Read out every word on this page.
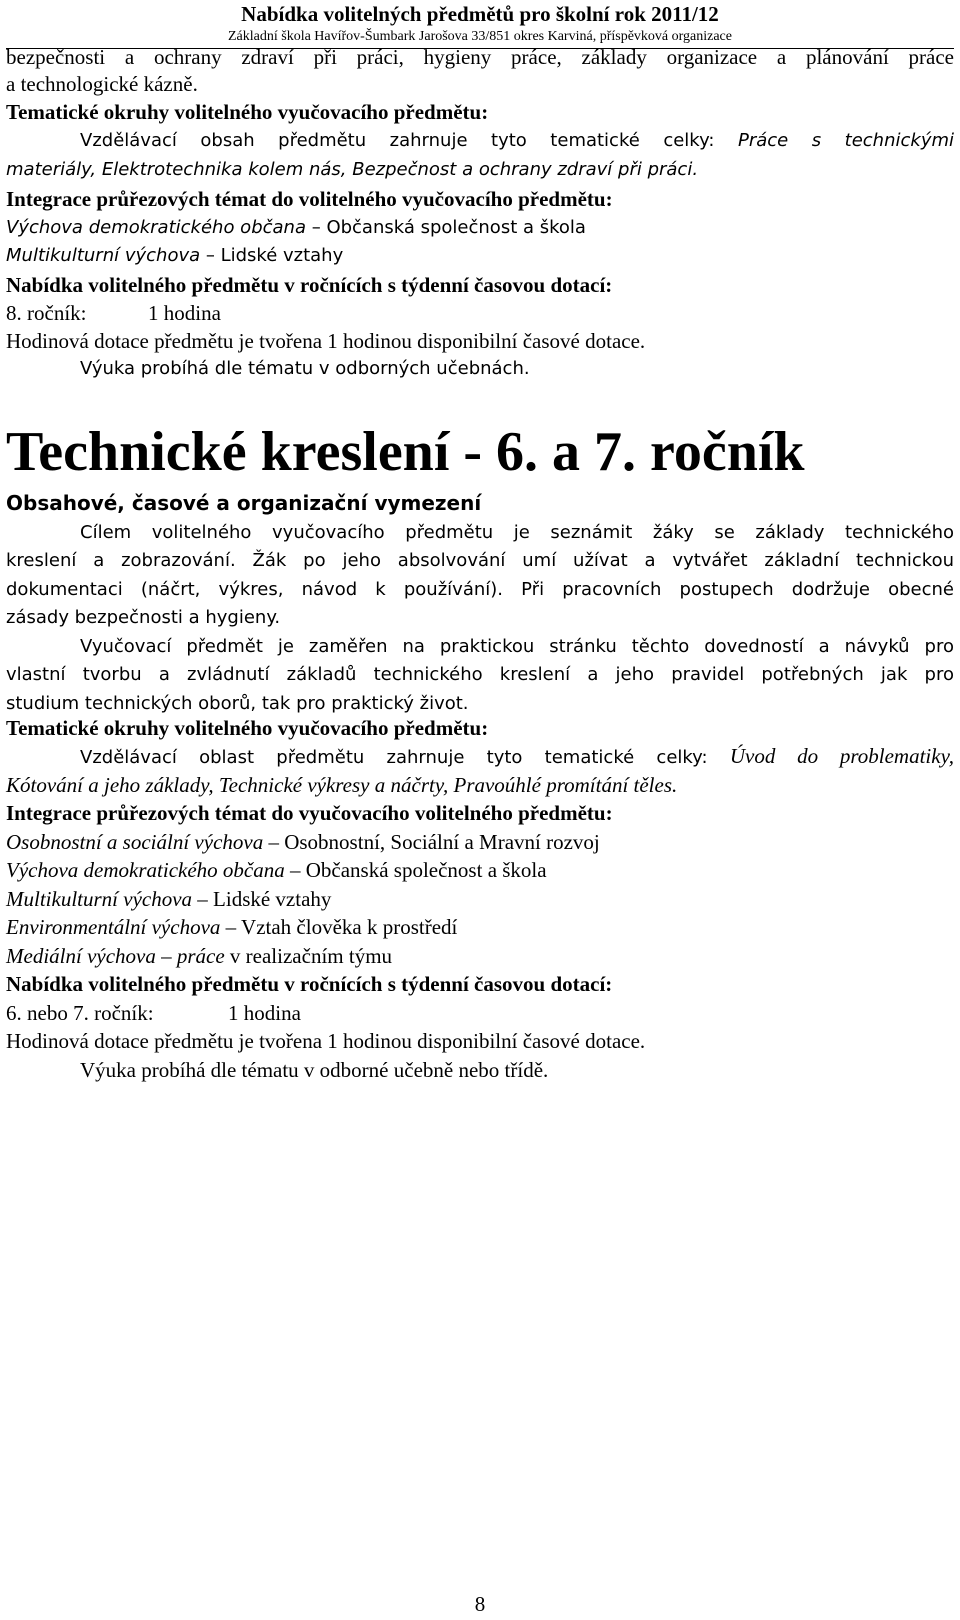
Nabídka volitelných předmětů pro školní rok 2011/12
Základní škola Havířov-Šumbark Jarošova 33/851 okres Karviná, příspěvková organizace
bezpečnosti a ochrany zdraví při práci, hygieny práce, základy organizace a plánování práce
a technologické kázně.
Tematické okruhy volitelného vyučovacího předmětu:
Vzdělávací obsah předmětu zahrnuje tyto tematické celky: Práce s technickými
materiály, Elektrotechnika kolem nás, Bezpečnost a ochrany zdraví při práci.
Integrace průřezových témat do volitelného vyučovacího předmětu:
Výchova demokratického občana – Občanská společnost a škola
Multikulturní výchova – Lidské vztahy
Nabídka volitelného předmětu v ročnících s týdenní časovou dotací:
8. ročník:	1 hodina
Hodinová dotace předmětu je tvořena 1 hodinou disponibilní časové dotace.
Výuka probíhá dle tématu v odborných učebnách.
Technické kreslení - 6. a 7. ročník
Obsahové, časové a organizační vymezení
Cílem volitelného vyučovacího předmětu je seznámit žáky se základy technického
kreslení a zobrazování. Žák po jeho absolvování umí užívat a vytvářet základní technickou
dokumentaci (náčrt, výkres, návod k používání). Při pracovních postupech dodržuje obecné
zásady bezpečnosti a hygieny.
Vyučovací předmět je zaměřen na praktickou stránku těchto dovedností a návyků pro
vlastní tvorbu a zvládnutí základů technického kreslení a jeho pravidel potřebných jak pro
studium technických oborů, tak pro praktický život.
Tematické okruhy volitelného vyučovacího předmětu:
Vzdělávací oblast předmětu zahrnuje tyto tematické celky: Úvod do problematiky,
Kótování a jeho základy, Technické výkresy a náčrty, Pravoúhlé promítání těles.
Integrace průřezových témat do vyučovacího volitelného předmětu:
Osobnostní a sociální výchova – Osobnostní, Sociální a Mravní rozvoj
Výchova demokratického občana – Občanská společnost a škola
Multikulturní výchova – Lidské vztahy
Environmentální výchova – Vztah člověka k prostředí
Mediální výchova – práce v realizačním týmu
Nabídka volitelného předmětu v ročnících s týdenní časovou dotací:
6. nebo 7. ročník:	1 hodina
Hodinová dotace předmětu je tvořena 1 hodinou disponibilní časové dotace.
Výuka probíhá dle tématu v odborné učebně nebo třídě.
8
